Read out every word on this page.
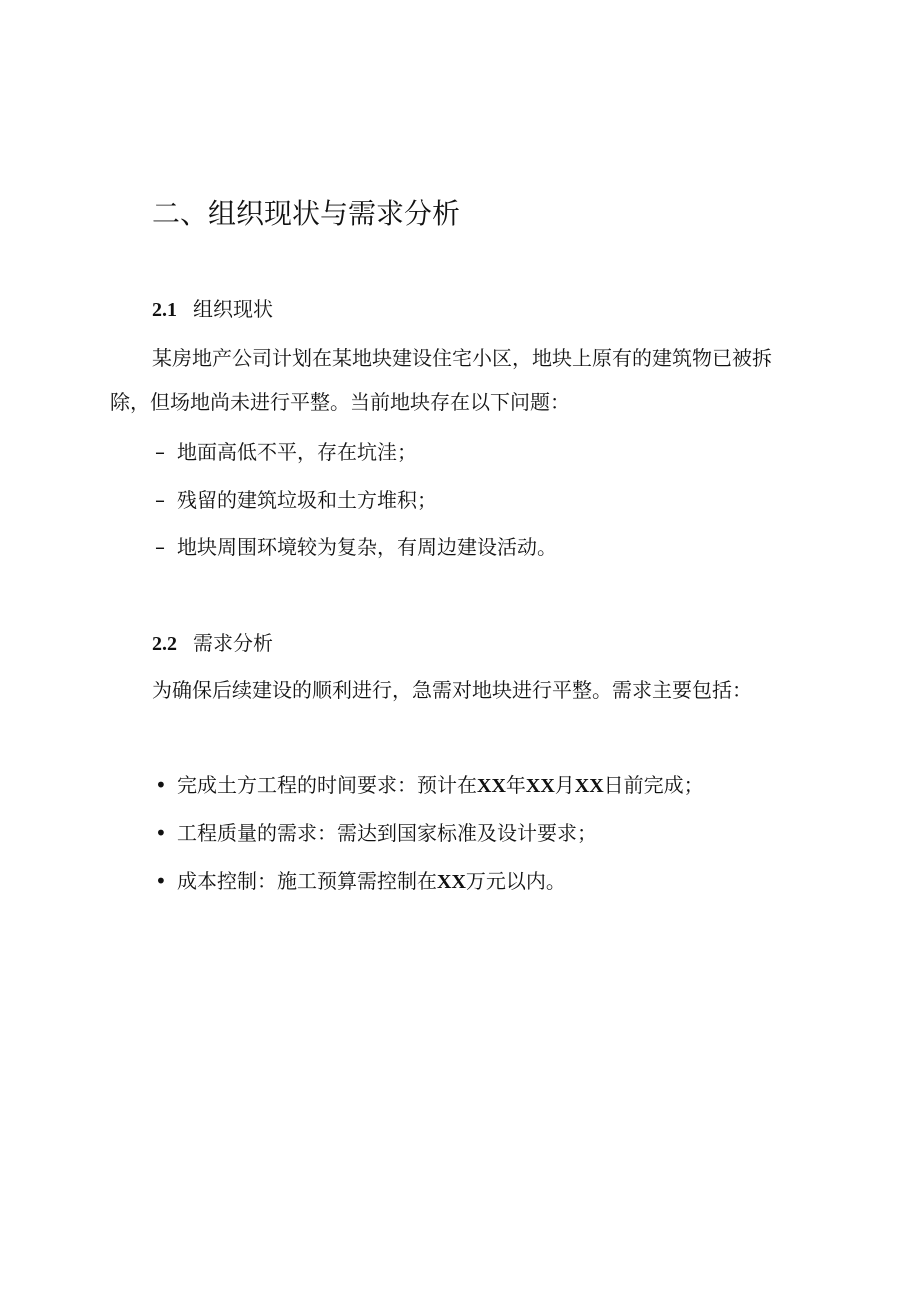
二、组织现状与需求分析
2.1 组织现状

某房地产公司计划在某地块建设住宅小区，地块上原有的建筑物已被拆除，但场地尚未进行平整。当前地块存在以下问题：

– 地面高低不平，存在坑洼；
– 残留的建筑垃圾和土方堆积；
– 地块周围环境较为复杂，有周边建设活动。
2.2 需求分析

为确保后续建设的顺利进行，急需对地块进行平整。需求主要包括：

• 完成土方工程的时间要求：预计在XX年XX月XX日前完成；
• 工程质量的需求：需达到国家标准及设计要求；
• 成本控制：施工预算需控制在XX万元以内。
